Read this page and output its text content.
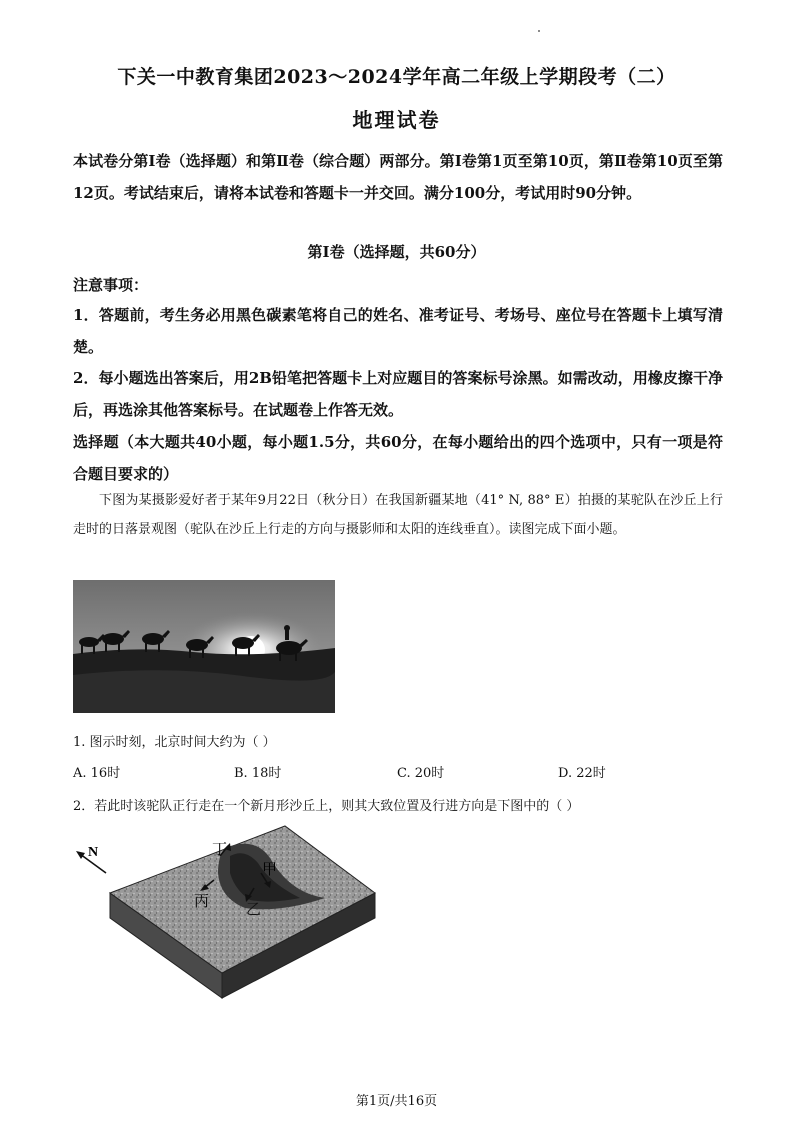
下关一中教育集团2023～2024学年高二年级上学期段考（二）
地理试卷
本试卷分第Ⅰ卷（选择题）和第Ⅱ卷（综合题）两部分。第Ⅰ卷第1页至第10页，第Ⅱ卷第10页至第12页。考试结束后，请将本试卷和答题卡一并交回。满分100分，考试用时90分钟。
第Ⅰ卷（选择题，共60分）
注意事项：
1．答题前，考生务必用黑色碳素笔将自己的姓名、准考证号、考场号、座位号在答题卡上填写清楚。
2．每小题选出答案后，用2B铅笔把答题卡上对应题目的答案标号涂黑。如需改动，用橡皮擦干净后，再选涂其他答案标号。在试题卷上作答无效。
选择题（本大题共40小题，每小题1.5分，共60分，在每小题给出的四个选项中，只有一项是符合题目要求的）
下图为某摄影爱好者于某年9月22日（秋分日）在我国新疆某地（41° N, 88° E）拍摄的某驼队在沙丘上行走时的日落景观图（驼队在沙丘上行走的方向与摄影师和太阳的连线垂直）。读图完成下面小题。
1. 图示时刻，北京时间大约为（ ）
A. 16时	B. 18时	C. 20时	D. 22时
2．若此时该驼队正行走在一个新月形沙丘上，则其大致位置及行进方向是下图中的（ ）
N	丁
甲
丙 乙
第1页/共16页
